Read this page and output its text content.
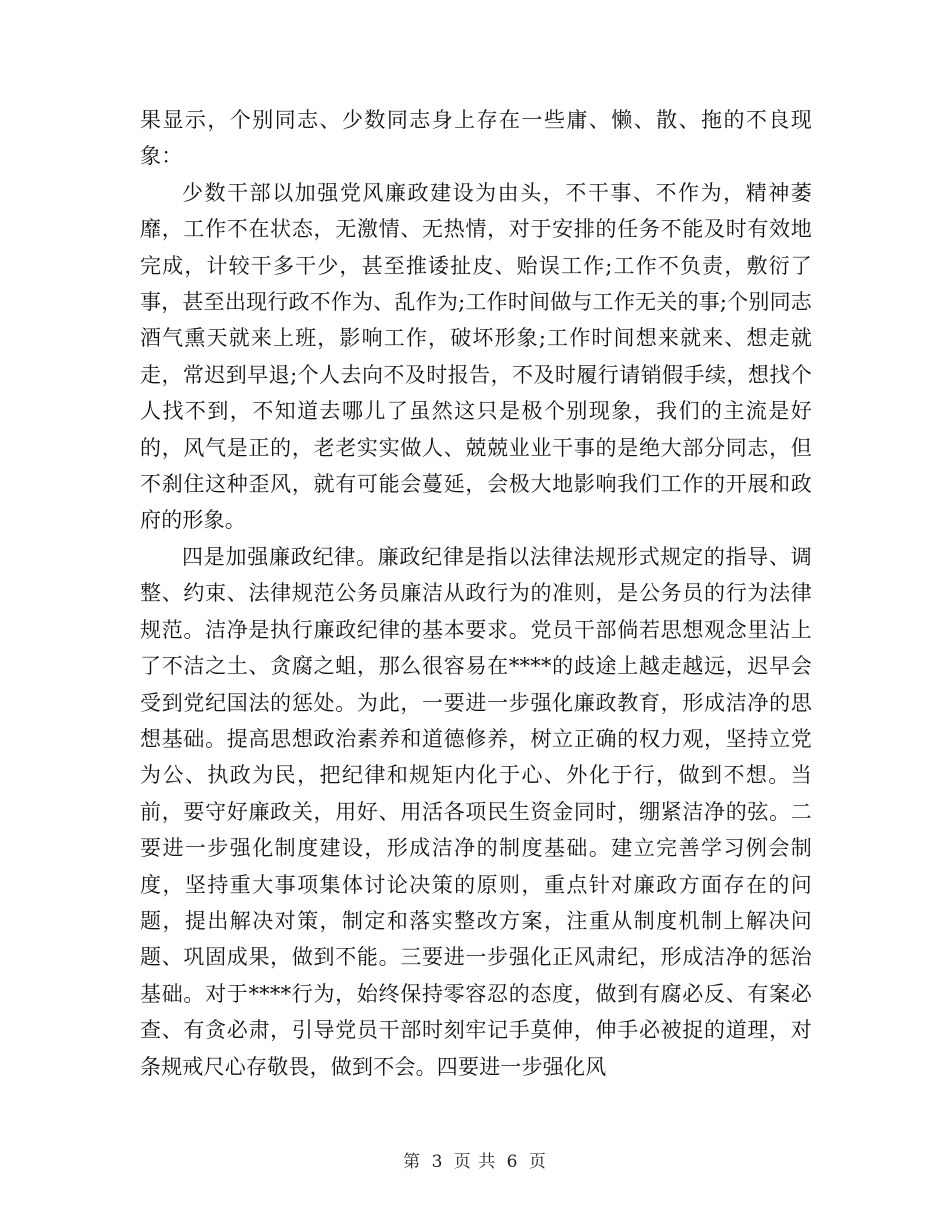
果显示，个别同志、少数同志身上存在一些庸、懒、散、拖的不良现象：

少数干部以加强党风廉政建设为由头，不干事、不作为，精神萎靡，工作不在状态，无激情、无热情，对于安排的任务不能及时有效地完成，计较干多干少，甚至推诿扯皮、贻误工作;工作不负责，敷衍了事，甚至出现行政不作为、乱作为;工作时间做与工作无关的事;个别同志酒气熏天就来上班，影响工作，破坏形象;工作时间想来就来、想走就走，常迟到早退;个人去向不及时报告，不及时履行请销假手续，想找个人找不到，不知道去哪儿了虽然这只是极个别现象，我们的主流是好的，风气是正的，老老实实做人、兢兢业业干事的是绝大部分同志，但不刹住这种歪风，就有可能会蔓延，会极大地影响我们工作的开展和政府的形象。

四是加强廉政纪律。廉政纪律是指以法律法规形式规定的指导、调整、约束、法律规范公务员廉洁从政行为的准则，是公务员的行为法律规范。洁净是执行廉政纪律的基本要求。党员干部倘若思想观念里沾上了不洁之土、贪腐之蛆，那么很容易在****的歧途上越走越远，迟早会受到党纪国法的惩处。为此，一要进一步强化廉政教育，形成洁净的思想基础。提高思想政治素养和道德修养，树立正确的权力观，坚持立党为公、执政为民，把纪律和规矩内化于心、外化于行，做到不想。当前，要守好廉政关，用好、用活各项民生资金同时，绷紧洁净的弦。二要进一步强化制度建设，形成洁净的制度基础。建立完善学习例会制度，坚持重大事项集体讨论决策的原则，重点针对廉政方面存在的问题，提出解决对策，制定和落实整改方案，注重从制度机制上解决问题、巩固成果，做到不能。三要进一步强化正风肃纪，形成洁净的惩治基础。对于****行为，始终保持零容忍的态度，做到有腐必反、有案必查、有贪必肃，引导党员干部时刻牢记手莫伸，伸手必被捉的道理，对条规戒尺心存敬畏，做到不会。四要进一步强化风

第 3 页 共 6 页
